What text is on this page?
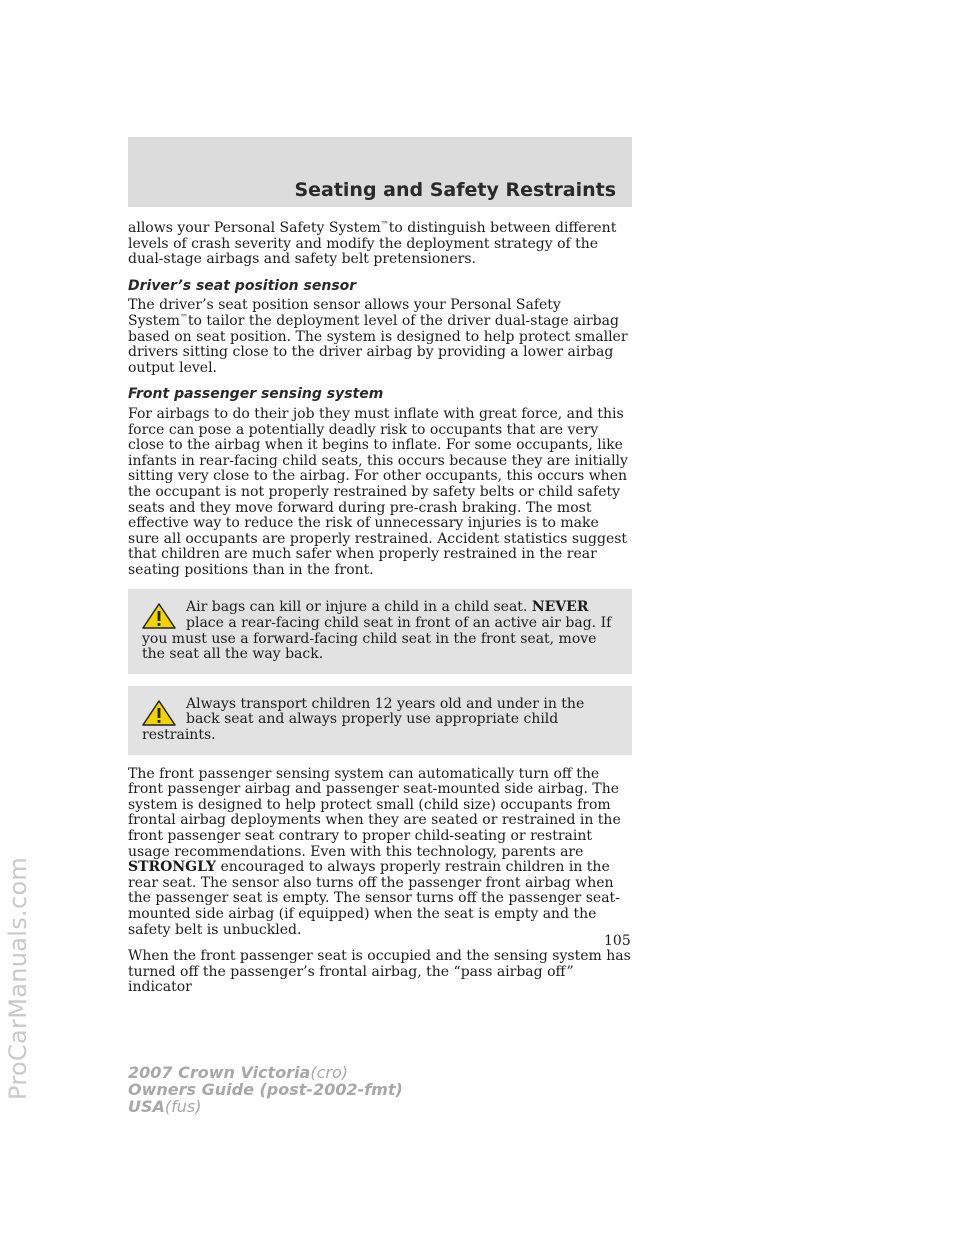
Seating and Safety Restraints

allows your Personal Safety System™to distinguish between different levels of crash severity and modify the deployment strategy of the dual-stage airbags and safety belt pretensioners.

Driver’s seat position sensor

The driver’s seat position sensor allows your Personal Safety System™to tailor the deployment level of the driver dual-stage airbag based on seat position. The system is designed to help protect smaller drivers sitting close to the driver airbag by providing a lower airbag output level.

Front passenger sensing system

For airbags to do their job they must inflate with great force, and this force can pose a potentially deadly risk to occupants that are very close to the airbag when it begins to inflate. For some occupants, like infants in rear-facing child seats, this occurs because they are initially sitting very close to the airbag. For other occupants, this occurs when the occupant is not properly restrained by safety belts or child safety seats and they move forward during pre-crash braking. The most effective way to reduce the risk of unnecessary injuries is to make sure all occupants are properly restrained. Accident statistics suggest that children are much safer when properly restrained in the rear seating positions than in the front.

Air bags can kill or injure a child in a child seat. NEVER place a rear-facing child seat in front of an active air bag. If you must use a forward-facing child seat in the front seat, move the seat all the way back.

Always transport children 12 years old and under in the back seat and always properly use appropriate child restraints.

The front passenger sensing system can automatically turn off the front passenger airbag and passenger seat-mounted side airbag. The system is designed to help protect small (child size) occupants from frontal airbag deployments when they are seated or restrained in the front passenger seat contrary to proper child-seating or restraint usage recommendations. Even with this technology, parents are STRONGLY encouraged to always properly restrain children in the rear seat. The sensor also turns off the passenger front airbag when the passenger seat is empty. The sensor turns off the passenger seat-mounted side airbag (if equipped) when the seat is empty and the safety belt is unbuckled.

When the front passenger seat is occupied and the sensing system has turned off the passenger’s frontal airbag, the “pass airbag off” indicator

105
2007 Crown Victoria(cro)
Owners Guide (post-2002-fmt)
USA(fus)
ProCarManuals.com
